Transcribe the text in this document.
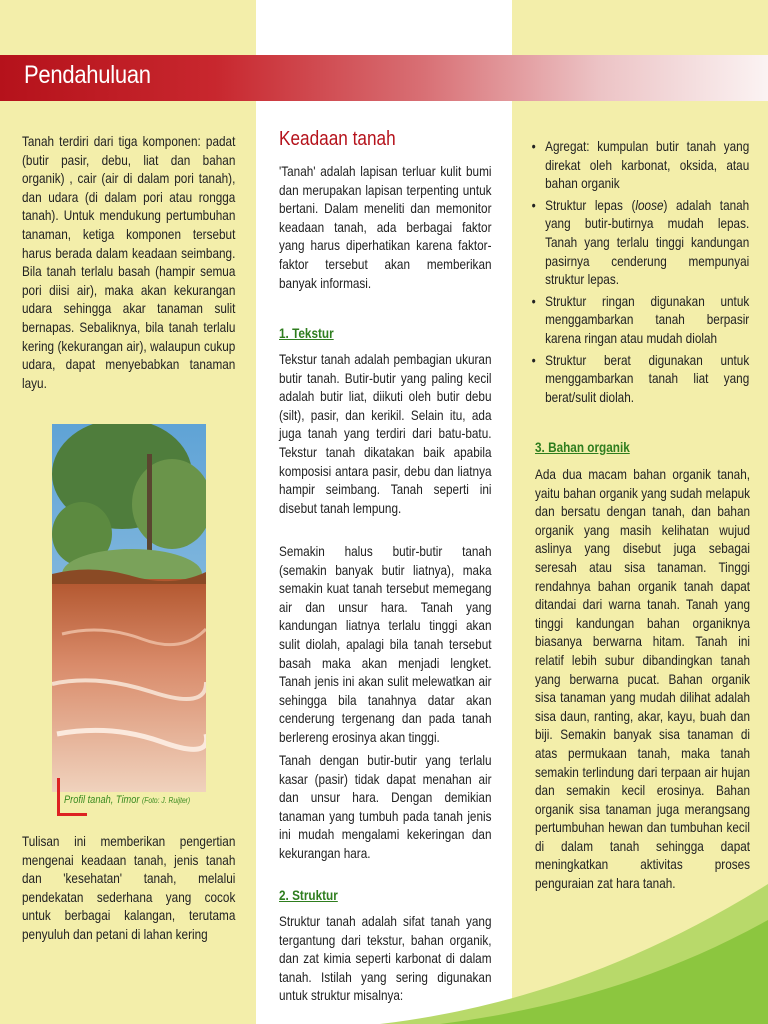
Pendahuluan

Tanah terdiri dari tiga komponen: padat (butir pasir, debu, liat dan bahan organik) , cair (air di dalam pori tanah), dan udara (di dalam pori atau rongga tanah). Untuk mendukung pertumbuhan tanaman, ketiga komponen tersebut harus berada dalam keadaan seimbang. Bila tanah terlalu basah (hampir semua pori diisi air), maka akan kekurangan udara sehingga akar tanaman sulit bernapas. Sebaliknya, bila tanah terlalu kering (kekurangan air), walaupun cukup udara, dapat menyebabkan tanaman layu.

Profil tanah, Timor (Foto: J. Ruijter)

Tulisan ini memberikan pengertian mengenai keadaan tanah, jenis tanah dan 'kesehatan' tanah, melalui pendekatan sederhana yang cocok untuk berbagai kalangan, terutama penyuluh dan petani di lahan kering

Keadaan tanah

'Tanah' adalah lapisan terluar kulit bumi dan merupakan lapisan terpenting untuk bertani. Dalam meneliti dan memonitor keadaan tanah, ada berbagai faktor yang harus diperhatikan karena faktor-faktor tersebut akan memberikan banyak informasi.

1. Tekstur

Tekstur tanah adalah pembagian ukuran butir tanah. Butir-butir yang paling kecil adalah butir liat, diikuti oleh butir debu (silt), pasir, dan kerikil. Selain itu, ada juga tanah yang terdiri dari batu-batu. Tekstur tanah dikatakan baik apabila komposisi antara pasir, debu dan liatnya hampir seimbang. Tanah seperti ini disebut tanah lempung.

Semakin halus butir-butir tanah (semakin banyak butir liatnya), maka semakin kuat tanah tersebut memegang air dan unsur hara. Tanah yang kandungan liatnya terlalu tinggi akan sulit diolah, apalagi bila tanah tersebut basah maka akan menjadi lengket. Tanah jenis ini akan sulit melewatkan air sehingga bila tanahnya datar akan cenderung tergenang dan pada tanah berlereng erosinya akan tinggi.

Tanah dengan butir-butir yang terlalu kasar (pasir) tidak dapat menahan air dan unsur hara. Dengan demikian tanaman yang tumbuh pada tanah jenis ini mudah mengalami kekeringan dan kekurangan hara.

2. Struktur

Struktur tanah adalah sifat tanah yang tergantung dari tekstur, bahan organik, dan zat kimia seperti karbonat di dalam tanah. Istilah yang sering digunakan untuk struktur misalnya:

• Agregat: kumpulan butir tanah yang direkat oleh karbonat, oksida, atau bahan organik
• Struktur lepas (loose) adalah tanah yang butir-butirnya mudah lepas. Tanah yang terlalu tinggi kandungan pasirnya cenderung mempunyai struktur lepas.
• Struktur ringan digunakan untuk menggambarkan tanah berpasir karena ringan atau mudah diolah
• Struktur berat digunakan untuk menggambarkan tanah liat yang berat/sulit diolah.
3. Bahan organik

Ada dua macam bahan organik tanah, yaitu bahan organik yang sudah melapuk dan bersatu dengan tanah, dan bahan organik yang masih kelihatan wujud aslinya yang disebut juga sebagai seresah atau sisa tanaman. Tinggi rendahnya bahan organik tanah dapat ditandai dari warna tanah. Tanah yang tinggi kandungan bahan organiknya biasanya berwarna hitam. Tanah ini relatif lebih subur dibandingkan tanah yang berwarna pucat. Bahan organik sisa tanaman yang mudah dilihat adalah sisa daun, ranting, akar, kayu, buah dan biji. Semakin banyak sisa tanaman di atas permukaan tanah, maka tanah semakin terlindung dari terpaan air hujan dan semakin kecil erosinya. Bahan organik sisa tanaman juga merangsang pertumbuhan hewan dan tumbuhan kecil di dalam tanah sehingga dapat meningkatkan aktivitas proses penguraian zat hara tanah.
